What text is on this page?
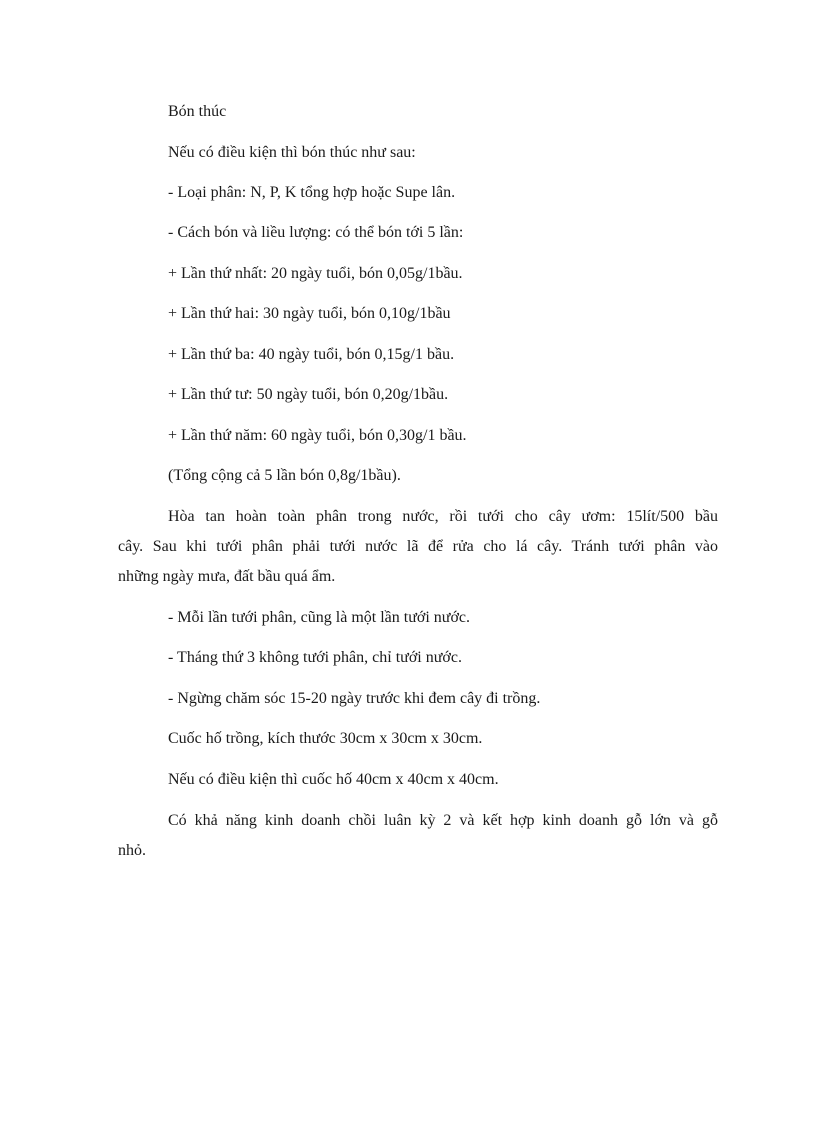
Bón thúc
Nếu có điều kiện thì bón thúc như sau:
- Loại phân: N, P, K tổng hợp hoặc Supe lân.
- Cách bón và liều lượng: có thể bón tới 5 lần:
+ Lần thứ nhất: 20 ngày tuổi, bón 0,05g/1bầu.
+ Lần thứ hai: 30 ngày tuổi, bón 0,10g/1bầu
+ Lần thứ ba: 40 ngày tuổi, bón 0,15g/1 bầu.
+ Lần thứ tư: 50 ngày tuổi, bón 0,20g/1bầu.
+ Lần thứ năm: 60 ngày tuổi, bón 0,30g/1 bầu.
(Tổng cộng cả 5 lần bón 0,8g/1bầu).
Hòa tan hoàn toàn phân trong nước, rồi tưới cho cây ươm: 15lít/500 bầu
cây. Sau khi tưới phân phải tưới nước lã để rửa cho lá cây. Tránh tưới phân vào
những ngày mưa, đất bầu quá ẩm.
- Mỗi lần tưới phân, cũng là một lần tưới nước.
- Tháng thứ 3 không tưới phân, chỉ tưới nước.
- Ngừng chăm sóc 15-20 ngày trước khi đem cây đi trồng.
Cuốc hố trồng, kích thước 30cm x 30cm x 30cm.
Nếu có điều kiện thì cuốc hố 40cm x 40cm x 40cm.
Có khả năng kinh doanh chồi luân kỳ 2 và kết hợp kinh doanh gỗ lớn và gỗ
nhỏ.
